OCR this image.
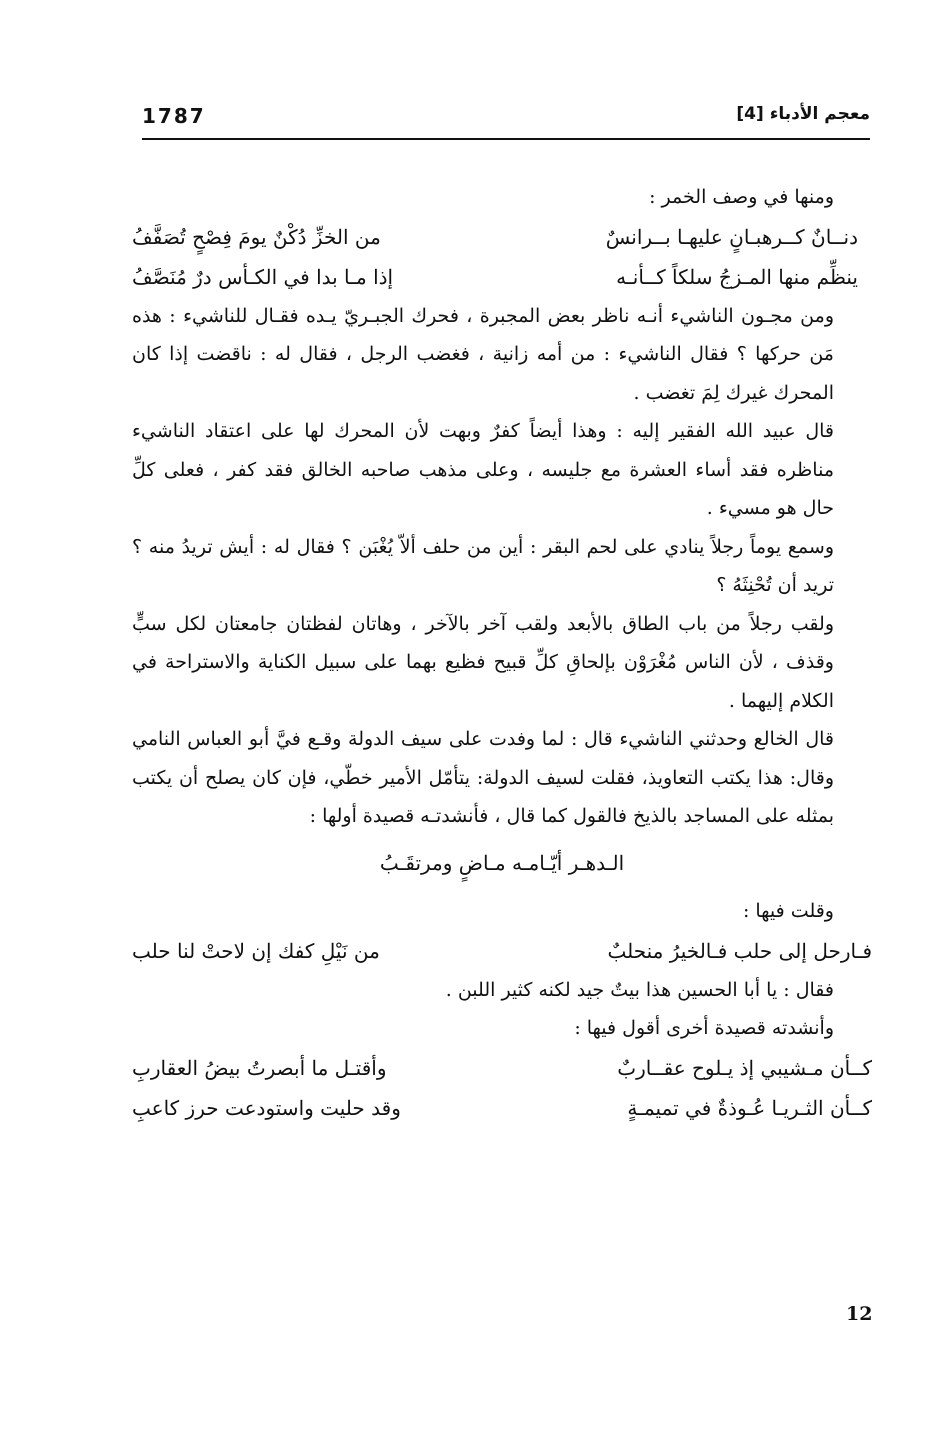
1787	معجم الأدباء [4]

ومنها في وصف الخمر :

دنــانٌ كــرهبـانٍ عليهـا بــرانسٌ
من الخزِّ دُكْنٌ يومَ فِصْحٍ تُصَفَّفُ
ينظِّم منها المـزجُ سلكاً كــأنـه
إذا مـا بدا في الكـأس درٌ مُنَصَّفُ

ومن مجـون الناشيء أنـه ناظر بعض المجبرة ، فحرك الجبـريّ يـده فقـال للناشيء : هذه مَن حركها ؟ فقال الناشيء : من أمه زانية ، فغضب الرجل ، فقال له : ناقضت إذا كان المحرك غيرك لِمَ تغضب .

قال عبيد الله الفقير إليه : وهذا أيضاً كفرٌ وبهت لأن المحرك لها على اعتقاد الناشيء مناظره فقد أساء العشرة مع جليسه ، وعلى مذهب صاحبه الخالق فقد كفر ، فعلى كلِّ حال هو مسيء .

وسمع يوماً رجلاً ينادي على لحم البقر : أين من حلف ألاّ يُغْبَن ؟ فقال له : أيش تريدُ منه ؟ تريد أن تُحْنِثَهُ ؟

ولقب رجلاً من باب الطاق بالأبعد ولقب آخر بالآخر ، وهاتان لفظتان جامعتان لكل سبٍّ وقذف ، لأن الناس مُغْرَوْن بإلحاقِ كلِّ قبيح فظيع بهما على سبيل الكناية والاستراحة في الكلام إليهما .

قال الخالع وحدثني الناشيء قال : لما وفدت على سيف الدولة وقـع فيَّ أبو العباس النامي وقال: هذا يكتب التعاويذ، فقلت لسيف الدولة: يتأمّل الأمير خطّي، فإن كان يصلح أن يكتب بمثله على المساجد بالذيخ فالقول كما قال ، فأنشدتـه قصيدة أولها :

الـدهـر أيّـامـه مـاضٍ ومرتقَـبُ

وقلت فيها :

فـارحل إلى حلب فـالخيرُ منحلبٌ
من نَيْلِ كفك إن لاحتْ لنا حلب

فقال : يا أبا الحسين هذا بيتٌ جيد لكنه كثير اللبن .

وأنشدته قصيدة أخرى أقول فيها :

كــأن مـشيبي إذ يـلوح عقــاربٌ
وأقتـل ما أبصرتُ بيضُ العقاربِ
كــأن الثـريـا عُـوذةٌ في تميمـةٍ
وقد حليت واستودعت حرز كاعبِ
12
